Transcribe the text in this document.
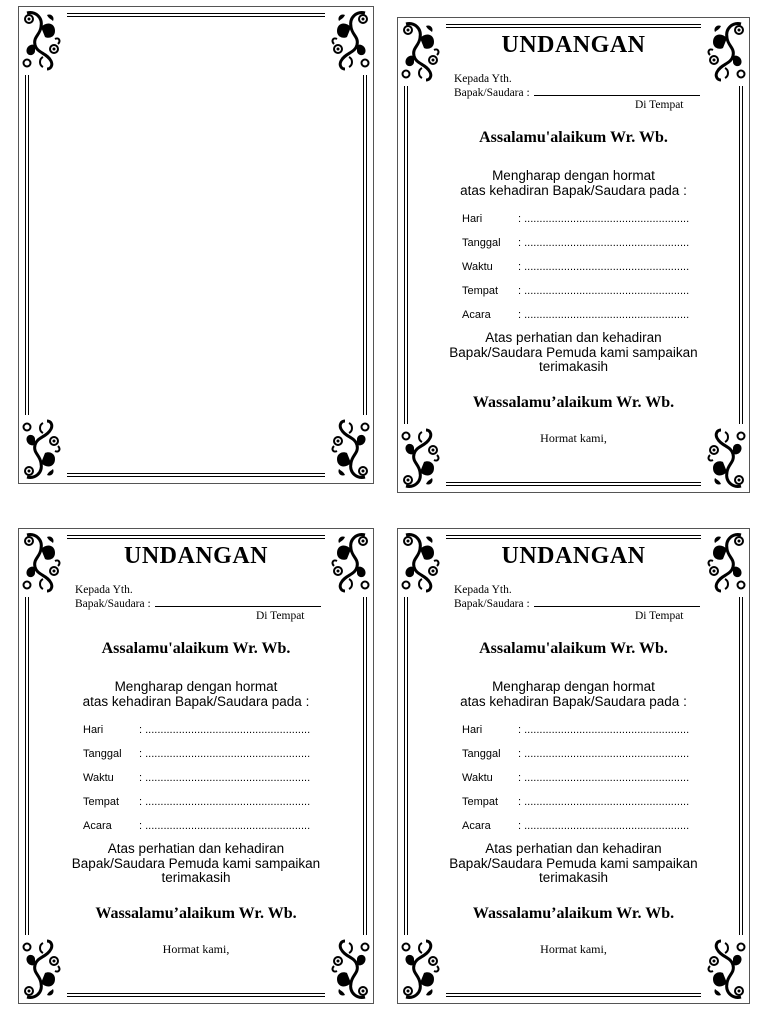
UNDANGAN
Kepada Yth.
Bapak/Saudara :
Di Tempat
Assalamu'alaikum Wr. Wb.
Mengharap dengan hormat
atas kehadiran Bapak/Saudara pada :
Hari	: ......................................................
Tanggal : ......................................................
Waktu : ......................................................
Tempat : ......................................................
Acara : ......................................................
Atas perhatian dan kehadiran
Bapak/Saudara Pemuda kami sampaikan
terimakasih
Wassalamu’alaikum Wr. Wb.
Hormat kami,
UNDANGAN
Kepada Yth.
Bapak/Saudara :
Di Tempat
Assalamu'alaikum Wr. Wb.
Mengharap dengan hormat
atas kehadiran Bapak/Saudara pada :
Hari	: ......................................................
Tanggal : ......................................................
Waktu : ......................................................
Tempat : ......................................................
Acara : ......................................................
Atas perhatian dan kehadiran
Bapak/Saudara Pemuda kami sampaikan
terimakasih
Wassalamu’alaikum Wr. Wb.
Hormat kami,
UNDANGAN
Kepada Yth.
Bapak/Saudara :
Di Tempat
Assalamu'alaikum Wr. Wb.
Mengharap dengan hormat
atas kehadiran Bapak/Saudara pada :
Hari	: ......................................................
Tanggal : ......................................................
Waktu : ......................................................
Tempat : ......................................................
Acara : ......................................................
Atas perhatian dan kehadiran
Bapak/Saudara Pemuda kami sampaikan
terimakasih
Wassalamu’alaikum Wr. Wb.
Hormat kami,
